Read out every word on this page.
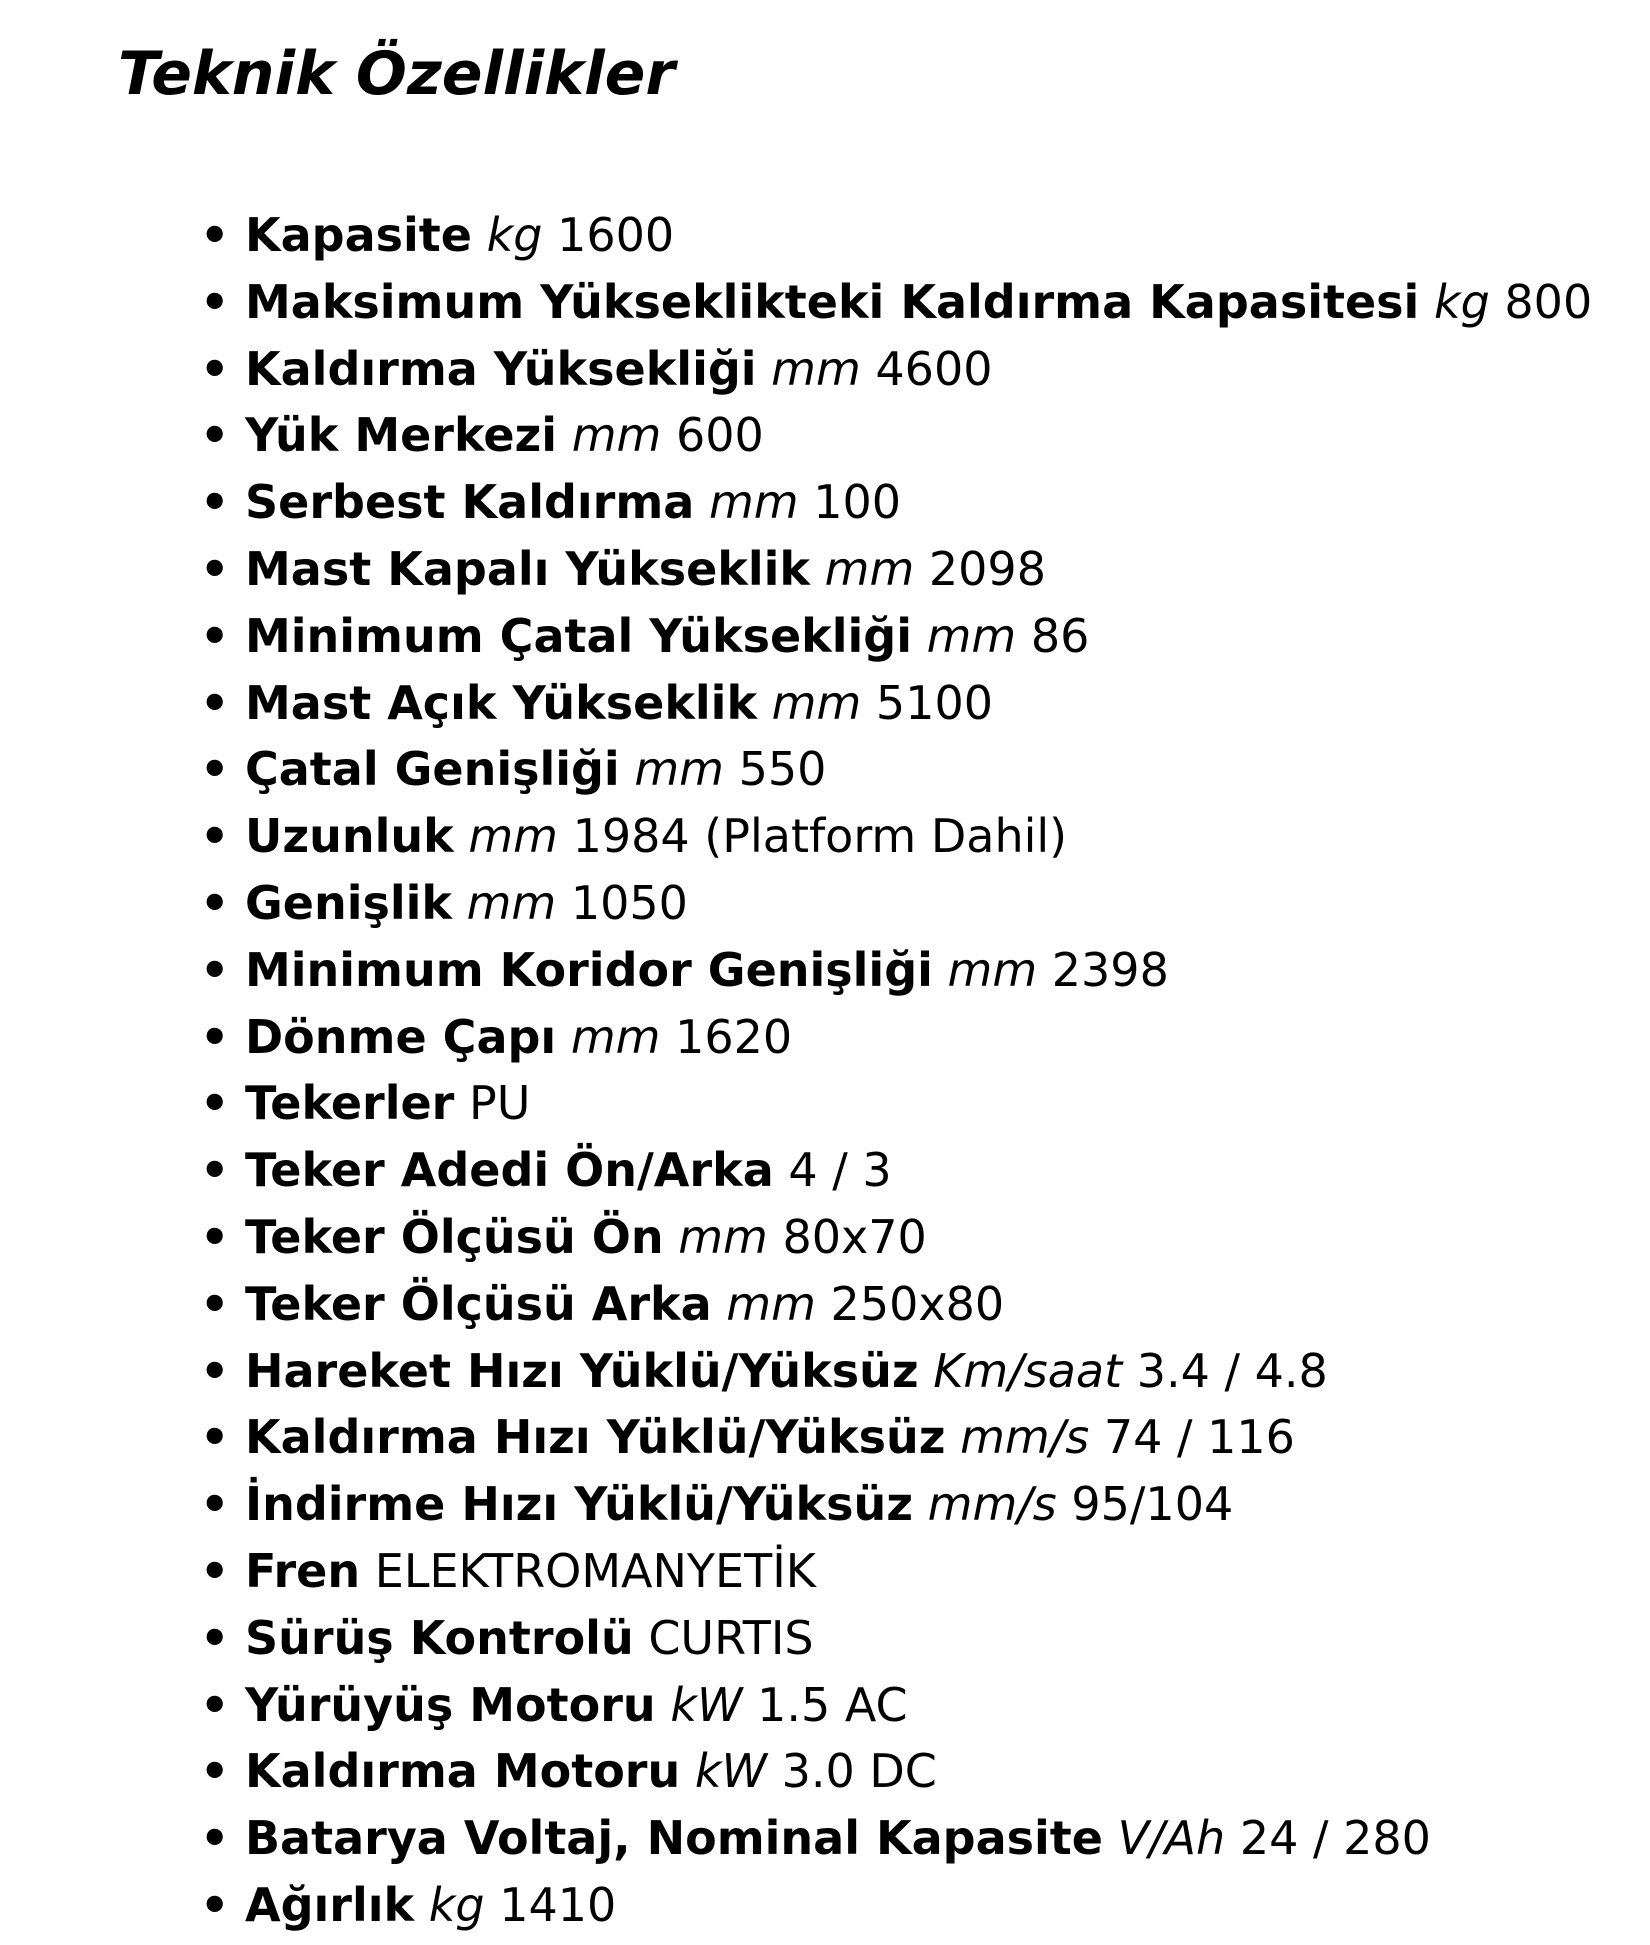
Teknik Özellikler
• Kapasite kg 1600
• Maksimum Yükseklikteki Kaldırma Kapasitesi kg 800
• Kaldırma Yüksekliği mm 4600
• Yük Merkezi mm 600
• Serbest Kaldırma mm 100
• Mast Kapalı Yükseklik mm 2098
• Minimum Çatal Yüksekliği mm 86
• Mast Açık Yükseklik mm 5100
• Çatal Genişliği mm 550
• Uzunluk mm 1984 (Platform Dahil)
• Genişlik mm 1050
• Minimum Koridor Genişliği mm 2398
• Dönme Çapı mm 1620
• Tekerler PU
• Teker Adedi Ön/Arka 4 / 3
• Teker Ölçüsü Ön mm 80x70
• Teker Ölçüsü Arka mm 250x80
• Hareket Hızı Yüklü/Yüksüz Km/saat 3.4 / 4.8
• Kaldırma Hızı Yüklü/Yüksüz mm/s 74 / 116
• İndirme Hızı Yüklü/Yüksüz mm/s 95/104
• Fren ELEKTROMANYETİK
• Sürüş Kontrolü CURTIS
• Yürüyüş Motoru kW 1.5 AC
• Kaldırma Motoru kW 3.0 DC
• Batarya Voltaj, Nominal Kapasite V/Ah 24 / 280
• Ağırlık kg 1410
